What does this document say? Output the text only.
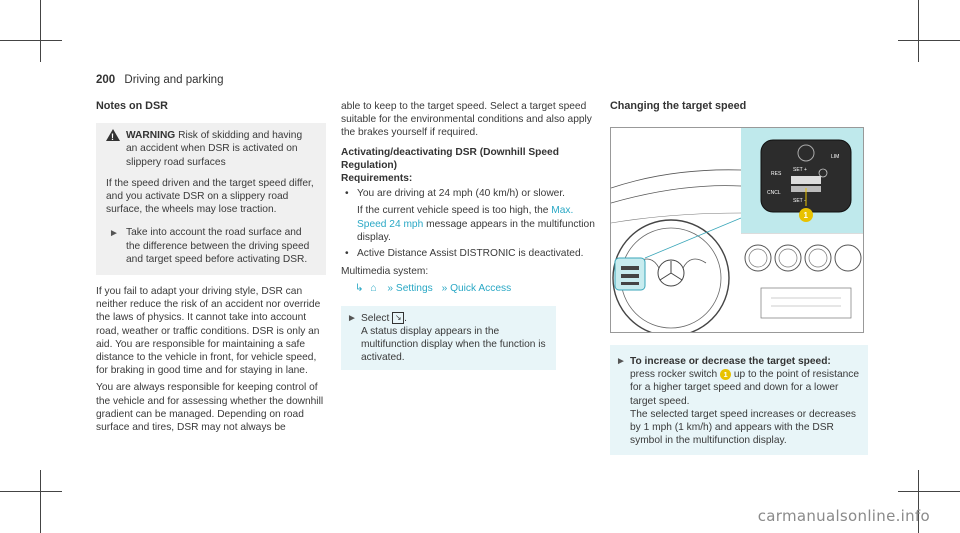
200 Driving and parking
Notes on DSR
!
WARNING Risk of skidding and having an accident when DSR is activated on slippery road surfaces

If the speed driven and the target speed differ, and you activate DSR on a slippery road surface, the wheels may lose traction.

► Take into account the road surface and the difference between the driving speed and target speed before activating DSR.

If you fail to adapt your driving style, DSR can neither reduce the risk of an accident nor override the laws of physics. It cannot take into account road, weather or traffic conditions. DSR is only an aid. You are responsible for maintaining a safe distance to the vehicle in front, for vehicle speed, for braking in good time and for staying in lane.

You are always responsible for keeping control of the vehicle and for assessing whether the downhill gradient can be managed. Depending on road surface and tires, DSR may not always be

able to keep to the target speed. Select a target speed suitable for the environmental conditions and also apply the brakes yourself if required.

Activating/deactivating DSR (Downhill Speed Regulation)
Requirements:
• You are driving at 24 mph (40 km/h) or slower.
If the current vehicle speed is too high, the Max. Speed 24 mph message appears in the multifunction display.
• Active Distance Assist DISTRONIC is deactivated.
Multimedia system:
↳ ⌂ » Settings » Quick Access
► Select ↘ .
A status display appears in the multifunction display when the function is activated.
Changing the target speed
RES
SET +
CNCL
SET -
LIM
1
► To increase or decrease the target speed:
press rocker switch 1 up to the point of resistance for a higher target speed and down for a lower target speed.
The selected target speed increases or decreases by 1 mph (1 km/h) and appears with the DSR symbol in the multifunction display.
carmanualsonline.info
